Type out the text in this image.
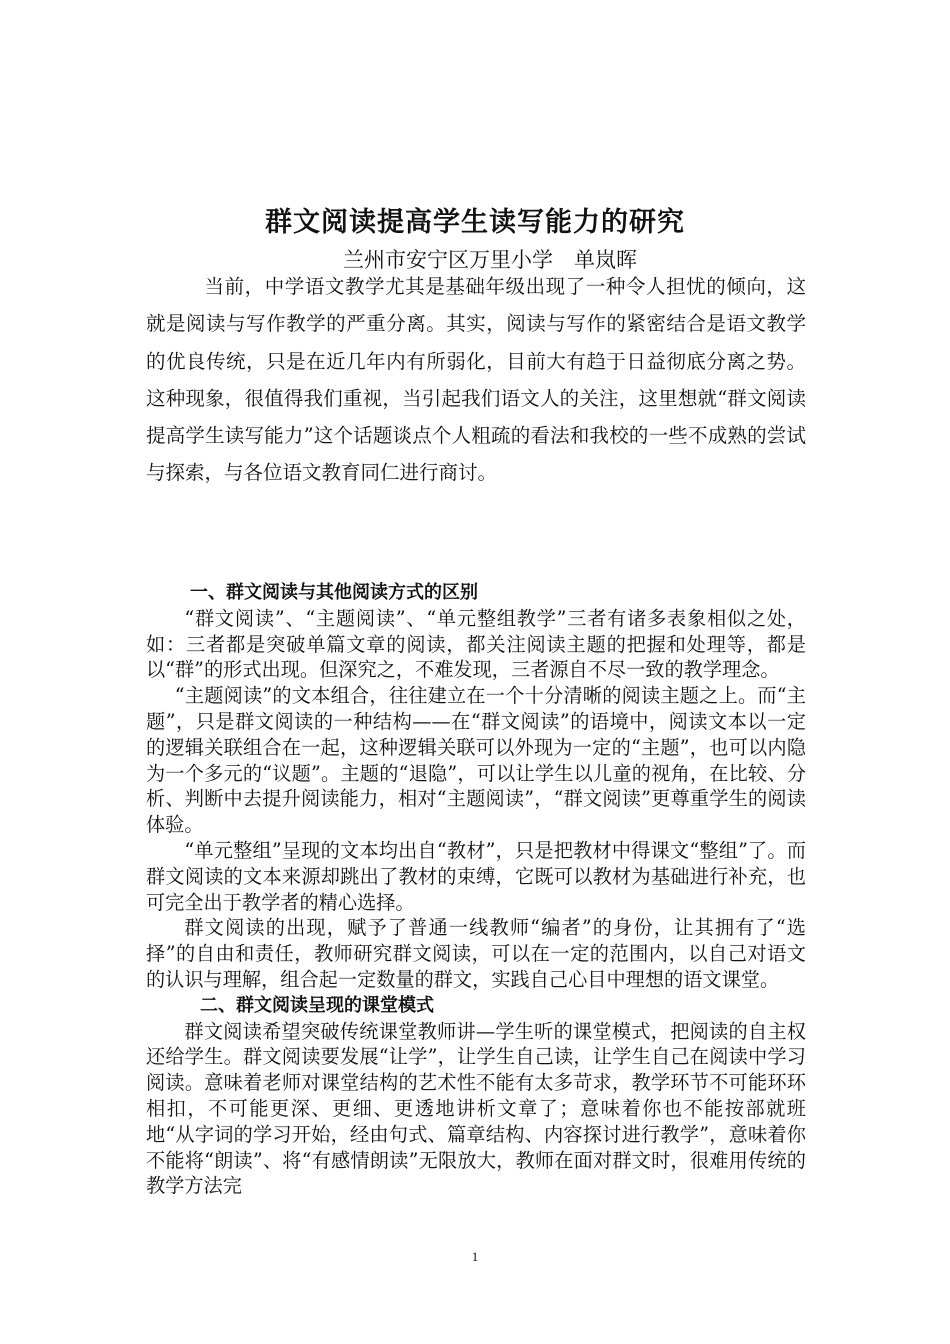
群文阅读提高学生读写能力的研究
兰州市安宁区万里小学　单岚晖

当前，中学语文教学尤其是基础年级出现了一种令人担忧的倾向，这就是阅读与写作教学的严重分离。其实，阅读与写作的紧密结合是语文教学的优良传统，只是在近几年内有所弱化，目前大有趋于日益彻底分离之势。这种现象，很值得我们重视，当引起我们语文人的关注，这里想就“群文阅读提高学生读写能力”这个话题谈点个人粗疏的看法和我校的一些不成熟的尝试与探索，与各位语文教育同仁进行商讨。

一、群文阅读与其他阅读方式的区别

“群文阅读”、“主题阅读”、“单元整组教学”三者有诸多表象相似之处，如：三者都是突破单篇文章的阅读，都关注阅读主题的把握和处理等，都是以“群”的形式出现。但深究之，不难发现，三者源自不尽一致的教学理念。

“主题阅读”的文本组合，往往建立在一个十分清晰的阅读主题之上。而“主题”，只是群文阅读的一种结构——在“群文阅读”的语境中，阅读文本以一定的逻辑关联组合在一起，这种逻辑关联可以外现为一定的“主题”，也可以内隐为一个多元的“议题”。主题的“退隐”，可以让学生以儿童的视角，在比较、分析、判断中去提升阅读能力，相对“主题阅读”，“群文阅读”更尊重学生的阅读体验。

“单元整组”呈现的文本均出自“教材”，只是把教材中得课文“整组”了。而群文阅读的文本来源却跳出了教材的束缚，它既可以教材为基础进行补充，也可完全出于教学者的精心选择。

群文阅读的出现，赋予了普通一线教师“编者”的身份，让其拥有了“选择”的自由和责任，教师研究群文阅读，可以在一定的范围内，以自己对语文的认识与理解，组合起一定数量的群文，实践自己心目中理想的语文课堂。

二、群文阅读呈现的课堂模式

群文阅读希望突破传统课堂教师讲—学生听的课堂模式，把阅读的自主权还给学生。群文阅读要发展“让学”，让学生自己读，让学生自己在阅读中学习阅读。意味着老师对课堂结构的艺术性不能有太多苛求，教学环节不可能环环相扣，不可能更深、更细、更透地讲析文章了；意味着你也不能按部就班地“从字词的学习开始，经由句式、篇章结构、内容探讨进行教学”，意味着你不能将“朗读”、将“有感情朗读”无限放大，教师在面对群文时，很难用传统的教学方法完

1
